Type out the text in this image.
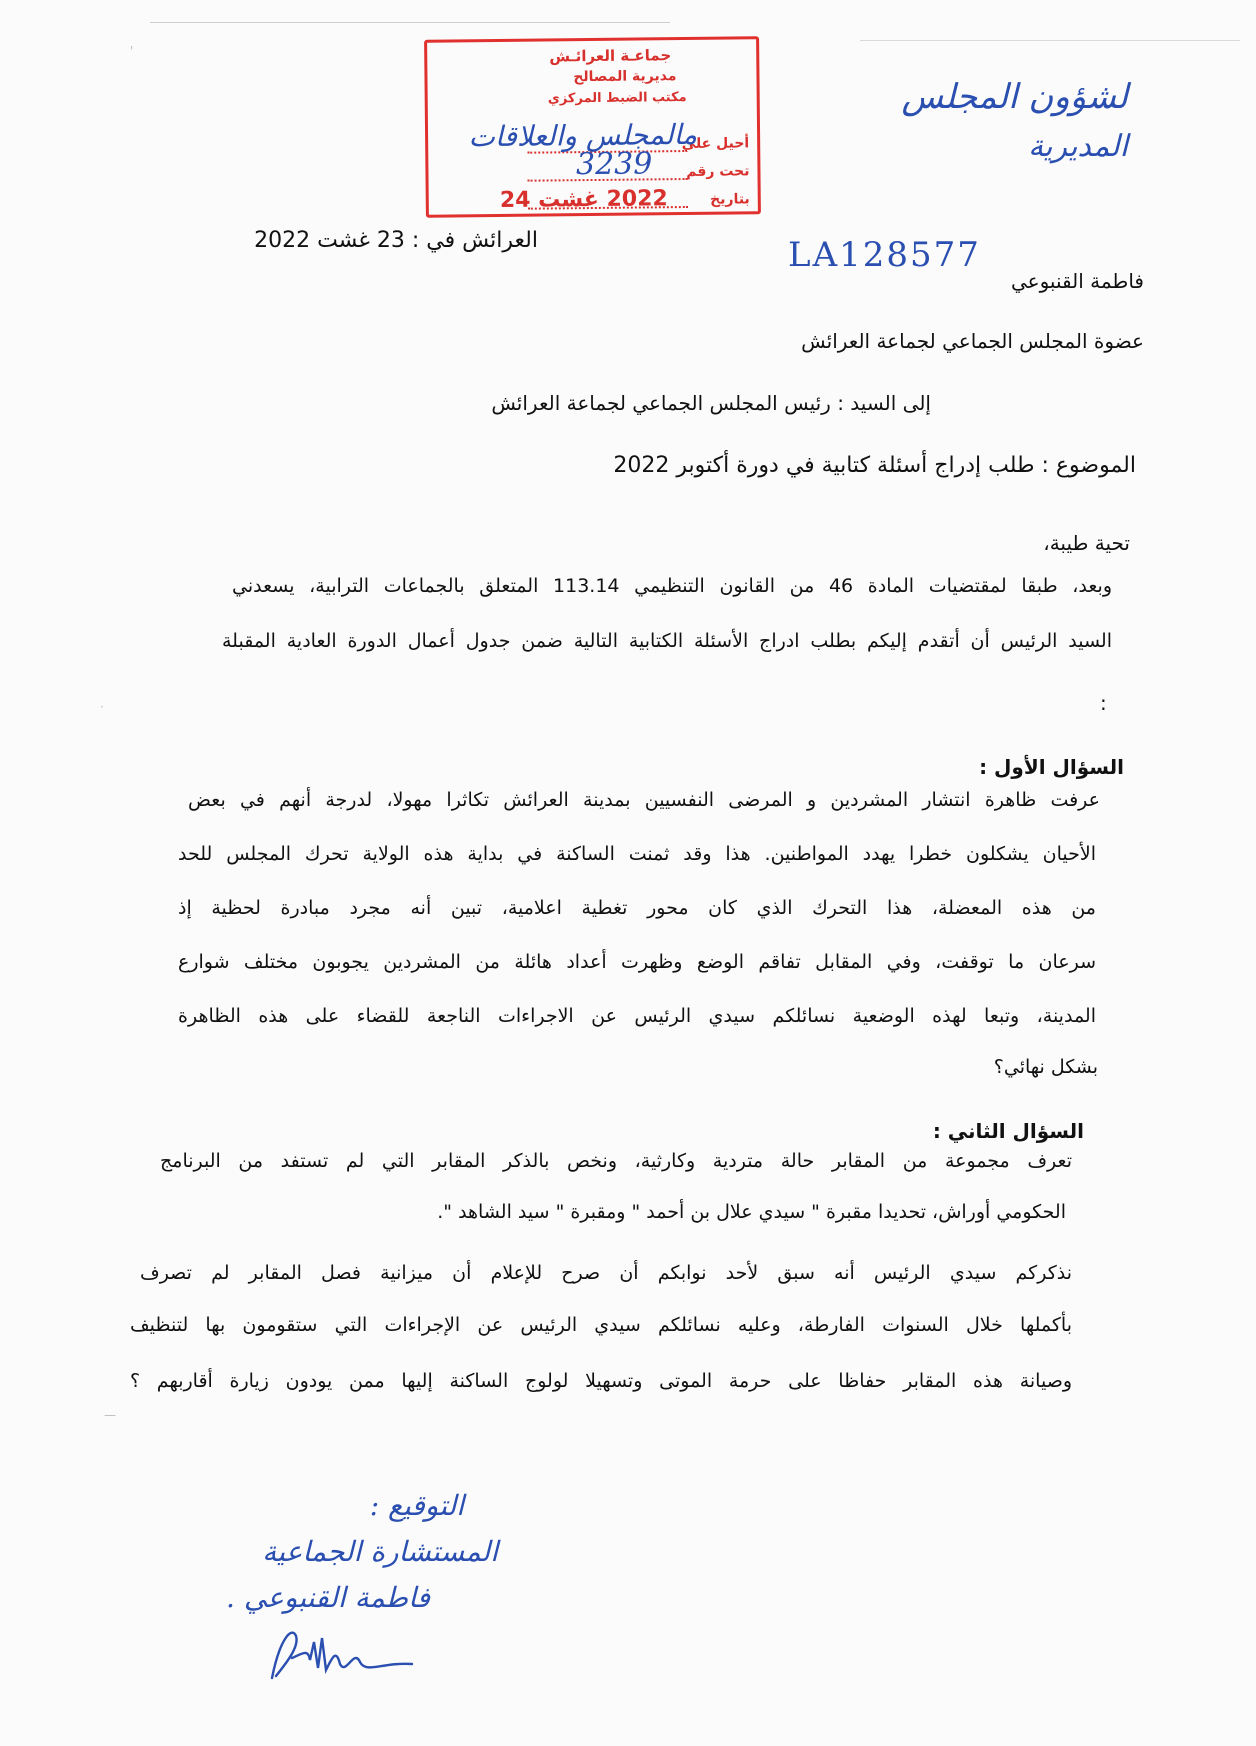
جماعـة العرائـش
مديرية المصالح
مكتب الضبط المركزي
أحيل على
تحت رقم
بتاريخ
مالمجلس والعلاقات
3239
2022 غشت 24
لشؤون المجلس
المديرية
LA128577
العرائش في : 23 غشت 2022
فاطمة القنبوعي
عضوة المجلس الجماعي لجماعة العرائش
إلى السيد : رئيس المجلس الجماعي لجماعة العرائش
الموضوع : طلب إدراج أسئلة كتابية في دورة أكتوبر 2022
تحية طيبة،
وبعد، طبقا لمقتضيات المادة 46 من القانون التنظيمي 113.14 المتعلق بالجماعات الترابية، يسعدني
السيد الرئيس أن أتقدم إليكم بطلب ادراج الأسئلة الكتابية التالية ضمن جدول أعمال الدورة العادية المقبلة
:
السؤال الأول :
عرفت ظاهرة انتشار المشردين و المرضى النفسيين بمدينة العرائش تكاثرا مهولا، لدرجة أنهم في بعض
الأحيان يشكلون خطرا يهدد المواطنين. هذا وقد ثمنت الساكنة في بداية هذه الولاية تحرك المجلس للحد
من هذه المعضلة، هذا التحرك الذي كان محور تغطية اعلامية، تبين أنه مجرد مبادرة لحظية إذ
سرعان ما توقفت، وفي المقابل تفاقم الوضع وظهرت أعداد هائلة من المشردين يجوبون مختلف شوارع
المدينة، وتبعا لهذه الوضعية نسائلكم سيدي الرئيس عن الاجراءات الناجعة للقضاء على هذه الظاهرة
بشكل نهائي؟
السؤال الثاني :
تعرف مجموعة من المقابر حالة متردية وكارثية، ونخص بالذكر المقابر التي لم تستفد من البرنامج
الحكومي أوراش، تحديدا مقبرة " سيدي علال بن أحمد " ومقبرة " سيد الشاهد ".
نذكركم سيدي الرئيس أنه سبق لأحد نوابكم أن صرح للإعلام أن ميزانية فصل المقابر لم تصرف
بأكملها خلال السنوات الفارطة، وعليه نسائلكم سيدي الرئيس عن الإجراءات التي ستقومون بها لتنظيف
وصيانة هذه المقابر حفاظا على حرمة الموتى وتسهيلا لولوج الساكنة إليها ممن يودون زيارة أقاربهم ؟
التوقيع :
المستشارة الجماعية
فاطمة القنبوعي .
'
·
—
